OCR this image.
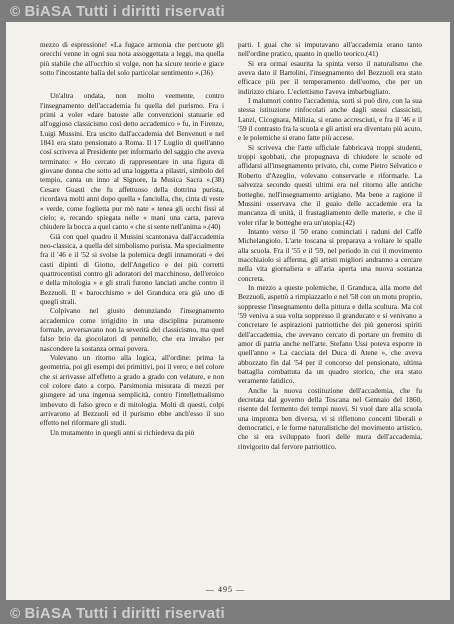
© BiASA Tutti i diritti riservati

mezzo di espressione! «La fugace armonia che percuote gli orecchi venne in ogni sua nota assoggettata a leggi, ma quella più stabile che all'occhio si volge, non ha sicure teorie e giace sotto l'incostante balìa del solo particolar sentimento ».(36)

Un'altra ondata, non molto veemente, contro l'insegnamento dell'accademia fu quella del purismo. Fra i primi a voler «dare batoste alle convenzioni statuarie ed all'oggioso classicismo così detto accademico » fu, in Firenze, Luigi Mussini. Era uscito dall'accademia del Benvenuti e nel 1841 era stato pensionato a Roma. Il 17 Luglio di quell'anno così scriveva al Presidente per informarlo del saggio che aveva terminato: « Ho cercato di rappresentare in una figura di giovane donna che sotto ad una loggetta a pilastri, simbolo del tempio, canta un inno al Signore, la Musica Sacra ».(38) Cesare Guasti che fu affettuoso della dottrina purista, ricordava molti anni dopo quella « fanciulla, che, cinta di veste « verde, come foglietta pur mò nate « tenea gli occhi fissi al cielo; e, recando spiegata nelle « mani una carta, pareva chiudere la bocca a quel canto « che si sente nell'anima ».(40)

Già con quel quadro il Mussini scantonava dall'accademia neo-classica, a quella del simbolismo purista. Ma specialmente fra il '46 e il '52 si svolse la polemica degli innamorati « dei casti dipinti di Giotto, dell'Angelico e dei più corretti quattrocentisti contro gli adoratori del macchinoso, dell'eroico e della mitologia » e gli strali furono lanciati anche contro il Bezzuoli. Il « barocchismo » del Granduca era già uno di quegli strali.

Colpivano nel giusto denunziando l'insegnamento accademico come irrigidito in una disciplina puramente formale, avversavano non la severità del classicismo, ma quel falso brio da giocolatori di pennello, che era invalso per nascondere la sostanza ormai povera.

Volevano un ritorno alla logica, all'ordine: prima la geometria, poi gli esempi dei primitivi, poi il vero; e nel colore che si arrivasse all'effetto a grado a grado con velature, e non col colore dato a corpo. Parsimonia misurata di mezzi per giungere ad una ingenua semplicità, contro l'intellettualismo imbevuto di falso greco e di mitologia. Molti di questi, colpi arrivarono al Bezzuoli ed il purismo ebbe anch'esso il suo effetto nel riformare gli studi.

Un mutamento in quegli anni si richiedeva da più

parti. I guai che si imputavano all'accademia erano tanto nell'ordine pratico, quanto in quello teorico.(41)

Si era ormai esaurita la spinta verso il naturalismo che aveva dato il Bartolini, l'insegnamento del Bezzuoli era stato efficace più per il temperamento dell'uomo, che per un indirizzo chiaro. L'eclettismo l'aveva imbarbugliato.

I malumori contro l'accademia, sorti si può dire, con la sua stessa istituzione rinfocolati anche dagli stessi classicisti, Lanzi, Cicognara, Milizia, si erano accresciuti, e fra il '46 e il '59 il contrasto fra la scuola e gli artisti era diventato più acuto, e le polemiche si erano fatte più accese.

Si scriveva che l'arte ufficiale fabbricava troppi studenti, troppi sgobbati, che propugnava di chiudere le scuole ed affidarsi all'insegnamento privato, chi, come Pietro Selvatico e Roberto d'Azeglio, volevano conservarle e riformarle. La salvezza secondo questi ultimi era nel ritorno alle antiche botteghe, nell'insegnamento artigiano. Ma bene a ragione il Mussini osservava che il guaio delle accademie era la mancanza di unità, il frastagliamento delle materie, e che il voler rifar le botteghe era un'utopia.(42)

Intanto verso il '50 erano cominciati i raduni del Caffè Michelangiolo. L'arte toscana si preparava a voltare le spalle alla scuola. Fra il '55 e il '59, nel periodo in cui il movimento macchiaiolo si afferma, gli artisti migliori andranno a cercare nella vita giornaliera e all'aria aperta una nuova sostanza concreta.

In mezzo a queste polemiche, il Granduca, alla morte del Bezzuoli, aspettò a rimpiazzarlo e nel '58 con un motu proprio, soppresse l'insegnamento della pittura e della scultura. Ma col '59 veniva a sua volta soppresso il granducato e si venivano a concretare le aspirazioni patriottiche dei più generosi spiriti dell'accademia, che avevano cercato di portare un fremito di amor di patria anche nell'arte. Stefano Ussi poteva esporre in quell'anno « La cacciata del Duca di Atene », che aveva abbozzato fin dal '54 per il concorso del pensionato, ultima battaglia combattuta da un quadro storico, che era stato veramente fatidico.

Anche la nuova costituzione dell'accademia, che fu decretata dal governo della Toscana nel Gennaio del 1860, risente del fermento dei tempi nuovi. Si vuol dare alla scuola una impronta ben diversa, vi si riflettono concetti liberali e democratici, e le forme naturalistiche del movimento artistico, che si era sviluppato fuori delle mura dell'accademia, rinvigorito dal fervore patriottico.

— 495 —
© BiASA Tutti i diritti riservati
